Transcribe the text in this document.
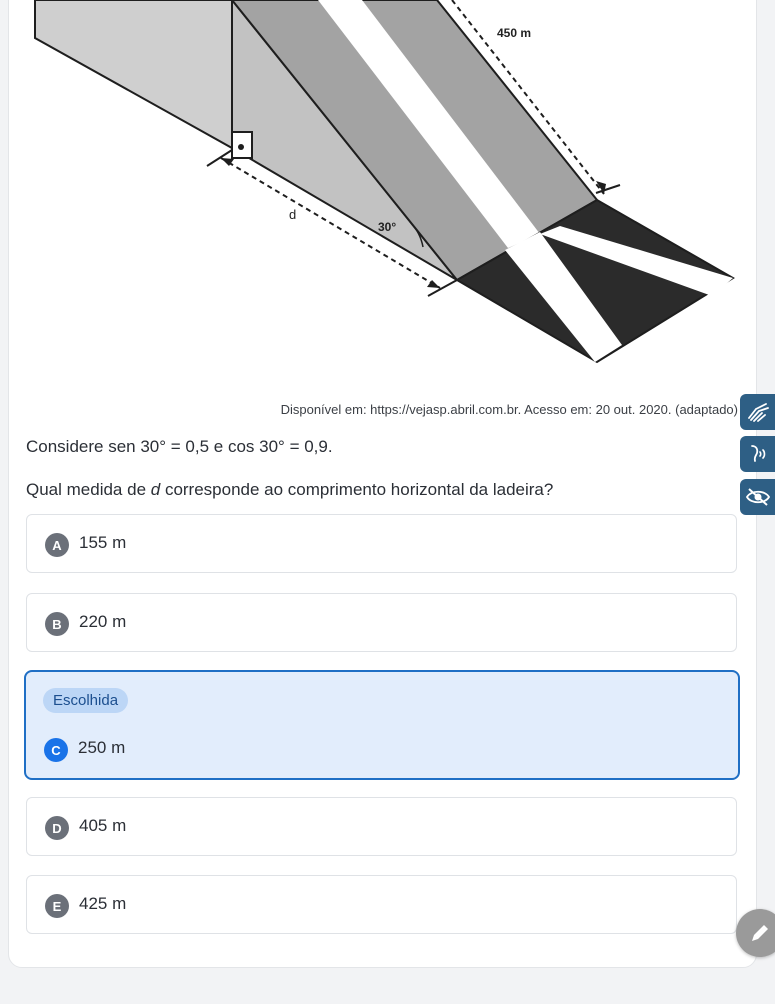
450 m
d
30°
Disponível em: https://vejasp.abril.com.br. Acesso em: 20 out. 2020. (adaptado)
Considere sen 30° = 0,5 e cos 30° = 0,9.
Qual medida de d corresponde ao comprimento horizontal da ladeira?
A	155 m
B	220 m
Escolhida
C	250 m
D	405 m
E	425 m
